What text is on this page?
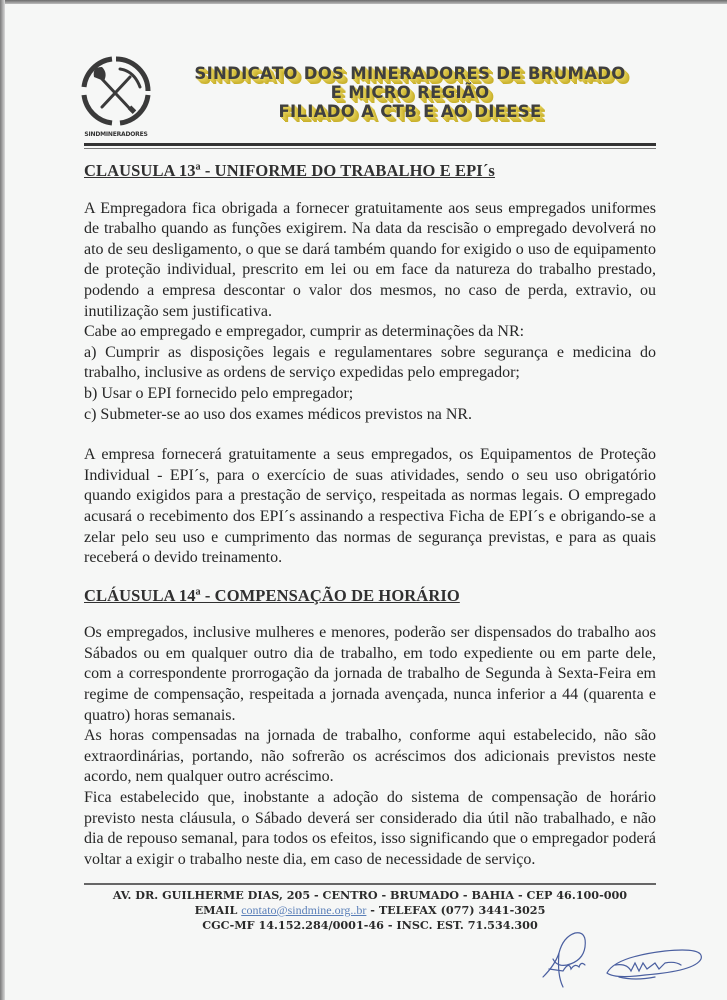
SINDMINERADORES
SINDICATO DOS MINERADORES DE BRUMADO
E MICRO REGIÃO
FILIADO A CTB E AO DIEESE
CLAUSULA 13ª - UNIFORME DO TRABALHO E EPI´s

A Empregadora fica obrigada a fornecer gratuitamente aos seus empregados uniformes de trabalho quando as funções exigirem. Na data da rescisão o empregado devolverá no ato de seu desligamento, o que se dará também quando for exigido o uso de equipamento de proteção individual, prescrito em lei ou em face da natureza do trabalho prestado, podendo a empresa descontar o valor dos mesmos, no caso de perda, extravio, ou inutilização sem justificativa.

Cabe ao empregado e empregador, cumprir as determinações da NR:

a) Cumprir as disposições legais e regulamentares sobre segurança e medicina do trabalho, inclusive as ordens de serviço expedidas pelo empregador;

b) Usar o EPI fornecido pelo empregador;

c) Submeter-se ao uso dos exames médicos previstos na NR.

A empresa fornecerá gratuitamente a seus empregados, os Equipamentos de Proteção Individual - EPI´s, para o exercício de suas atividades, sendo o seu uso obrigatório quando exigidos para a prestação de serviço, respeitada as normas legais. O empregado acusará o recebimento dos EPI´s assinando a respectiva Ficha de EPI´s e obrigando-se a zelar pelo seu uso e cumprimento das normas de segurança previstas, e para as quais receberá o devido treinamento.

CLÁUSULA 14ª - COMPENSAÇÃO DE HORÁRIO

Os empregados, inclusive mulheres e menores, poderão ser dispensados do trabalho aos Sábados ou em qualquer outro dia de trabalho, em todo expediente ou em parte dele, com a correspondente prorrogação da jornada de trabalho de Segunda à Sexta-Feira em regime de compensação, respeitada a jornada avençada, nunca inferior a 44 (quarenta e quatro) horas semanais.

As horas compensadas na jornada de trabalho, conforme aqui estabelecido, não são extraordinárias, portando, não sofrerão os acréscimos dos adicionais previstos neste acordo, nem qualquer outro acréscimo.

Fica estabelecido que, inobstante a adoção do sistema de compensação de horário previsto nesta cláusula, o Sábado deverá ser considerado dia útil não trabalhado, e não dia de repouso semanal, para todos os efeitos, isso significando que o empregador poderá voltar a exigir o trabalho neste dia, em caso de necessidade de serviço.

AV. DR. GUILHERME DIAS, 205 - CENTRO - BRUMADO - BAHIA - CEP 46.100-000
EMAIL contato@sindmine.org..br - TELEFAX (077) 3441-3025
CGC-MF 14.152.284/0001-46 - INSC. EST. 71.534.300
